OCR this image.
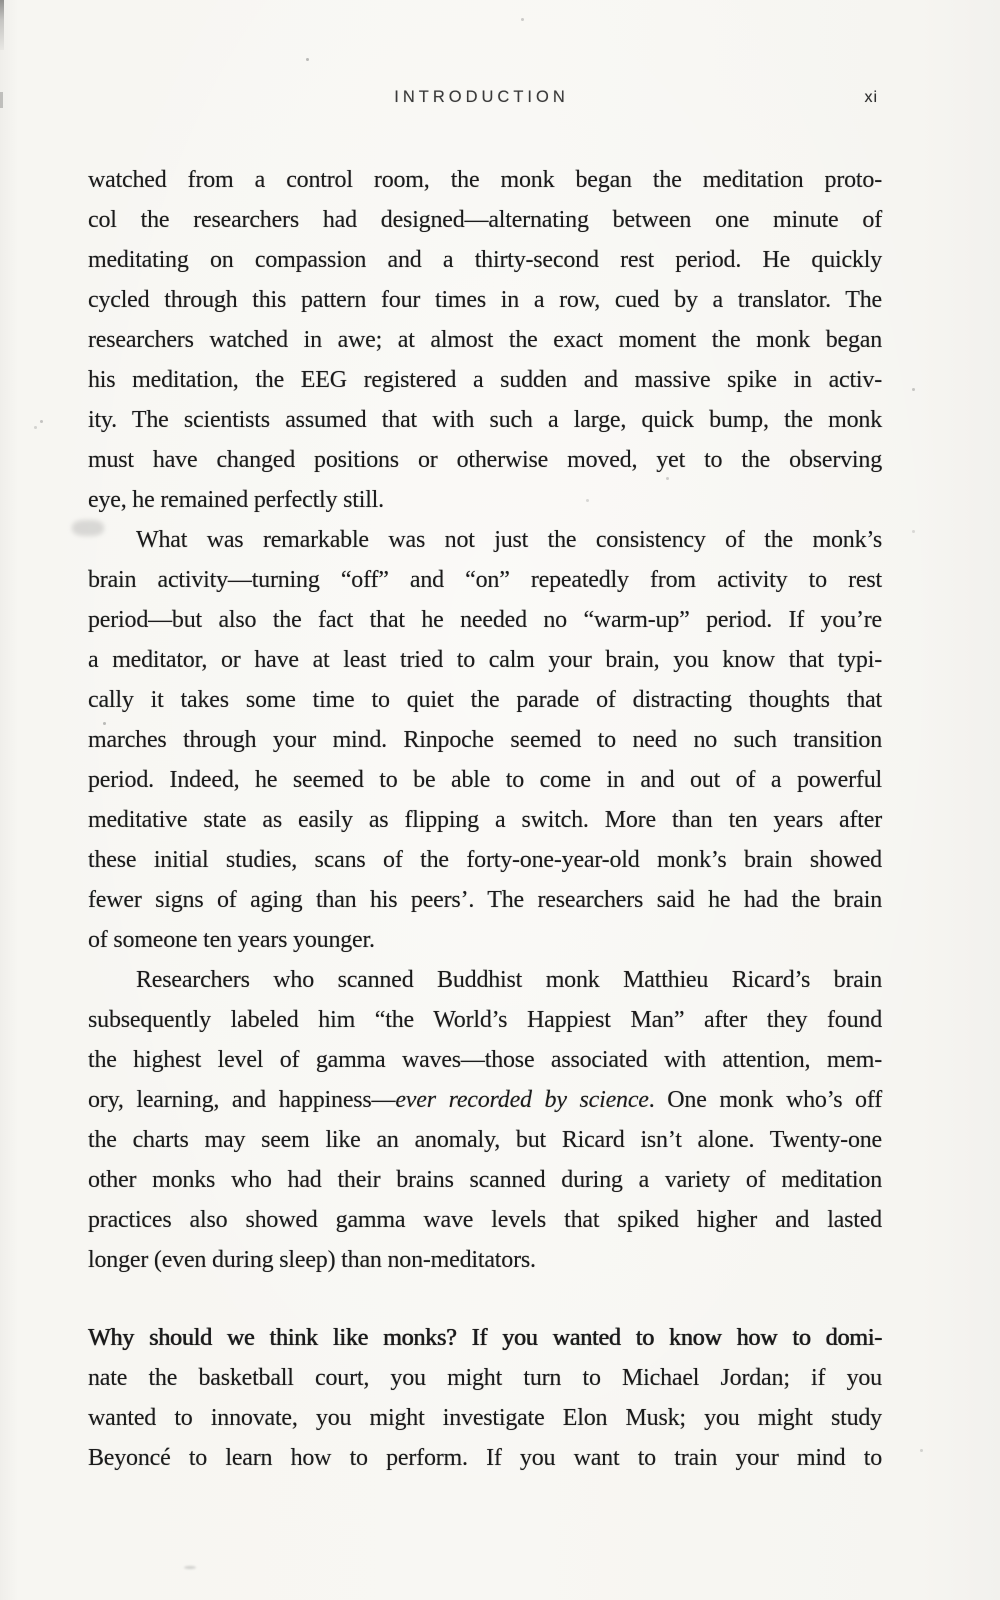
INTRODUCTION	xi
watched from a control room, the monk began the meditation proto-
col the researchers had designed—alternating between one minute of
meditating on compassion and a thirty-second rest period. He quickly
cycled through this pattern four times in a row, cued by a translator. The
researchers watched in awe; at almost the exact moment the monk began
his meditation, the EEG registered a sudden and massive spike in activ-
ity. The scientists assumed that with such a large, quick bump, the monk
must have changed positions or otherwise moved, yet to the observing
eye, he remained perfectly still.
What was remarkable was not just the consistency of the monk’s
brain activity—turning “off” and “on” repeatedly from activity to rest
period—but also the fact that he needed no “warm-up” period. If you’re
a meditator, or have at least tried to calm your brain, you know that typi-
cally it takes some time to quiet the parade of distracting thoughts that
marches through your mind. Rinpoche seemed to need no such transition
period. Indeed, he seemed to be able to come in and out of a powerful
meditative state as easily as flipping a switch. More than ten years after
these initial studies, scans of the forty-one-year-old monk’s brain showed
fewer signs of aging than his peers’. The researchers said he had the brain
of someone ten years younger.
Researchers who scanned Buddhist monk Matthieu Ricard’s brain
subsequently labeled him “the World’s Happiest Man” after they found
the highest level of gamma waves—those associated with attention, mem-
ory, learning, and happiness—ever recorded by science. One monk who’s off
the charts may seem like an anomaly, but Ricard isn’t alone. Twenty-one
other monks who had their brains scanned during a variety of meditation
practices also showed gamma wave levels that spiked higher and lasted
longer (even during sleep) than non-meditators.
Why should we think like monks? If you wanted to know how to domi-
nate the basketball court, you might turn to Michael Jordan; if you
wanted to innovate, you might investigate Elon Musk; you might study
Beyoncé to learn how to perform. If you want to train your mind to
